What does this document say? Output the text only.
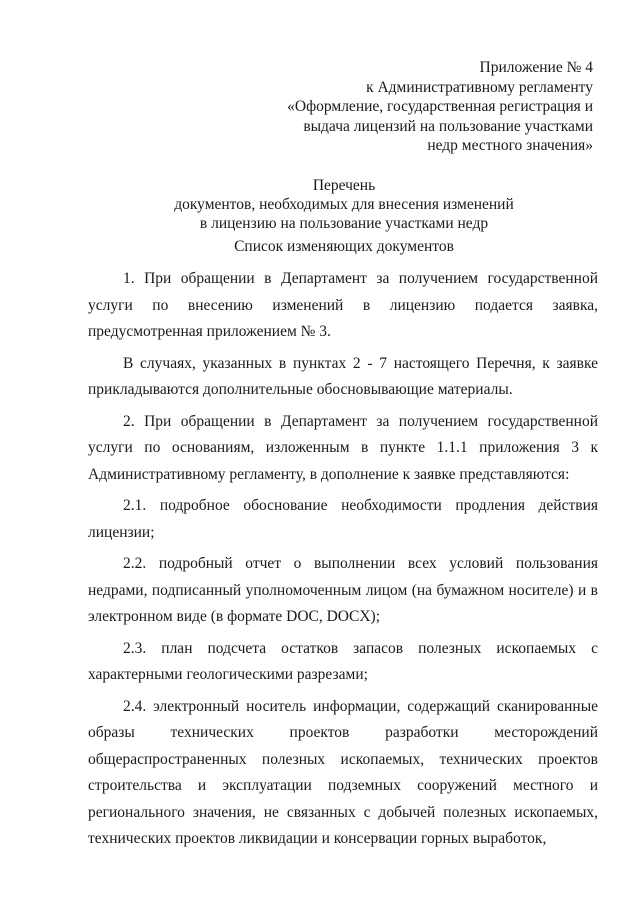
Приложение № 4
к Административному регламенту
«Оформление, государственная регистрация и
выдача лицензий на пользование участками
недр местного значения»
Перечень
документов, необходимых для внесения изменений
в лицензию на пользование участками недр
Список изменяющих документов

1. При обращении в Департамент за получением государственной услуги по внесению изменений в лицензию подается заявка, предусмотренная приложением № 3.

В случаях, указанных в пунктах 2 - 7 настоящего Перечня, к заявке прикладываются дополнительные обосновывающие материалы.

2. При обращении в Департамент за получением государственной услуги по основаниям, изложенным в пункте 1.1.1 приложения 3 к Административному регламенту, в дополнение к заявке представляются:

2.1. подробное обоснование необходимости продления действия лицензии;

2.2. подробный отчет о выполнении всех условий пользования недрами, подписанный уполномоченным лицом (на бумажном носителе) и в электронном виде (в формате DOC, DOCX);

2.3. план подсчета остатков запасов полезных ископаемых с характерными геологическими разрезами;

2.4. электронный носитель информации, содержащий сканированные образы технических проектов разработки месторождений общераспространенных полезных ископаемых, технических проектов строительства и эксплуатации подземных сооружений местного и регионального значения, не связанных с добычей полезных ископаемых, технических проектов ликвидации и консервации горных выработок,
